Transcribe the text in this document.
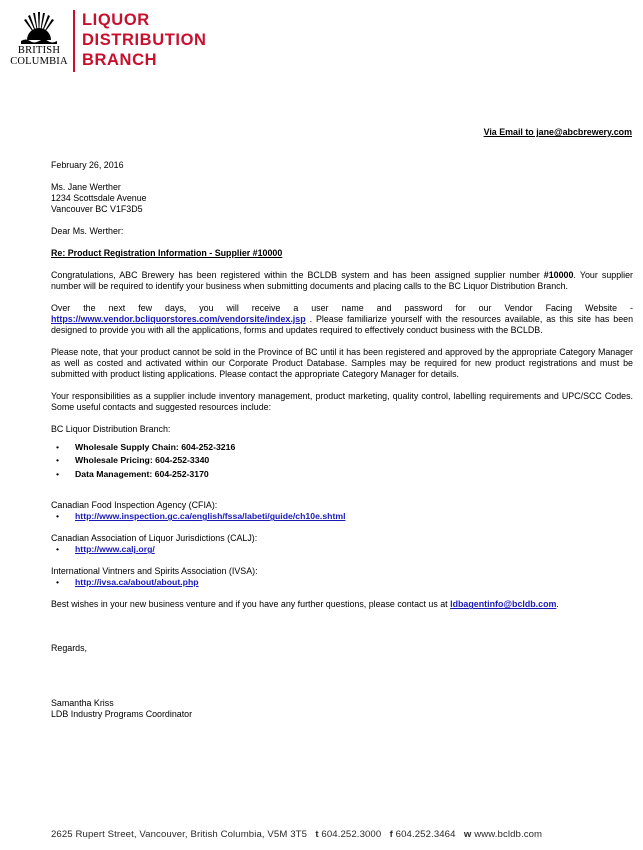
BRITISH
COLUMBIA
LIQUOR
DISTRIBUTION
BRANCH
Via Email to jane@abcbrewery.com

February 26, 2016

Ms. Jane Werther

1234 Scottsdale Avenue

Vancouver BC V1F3D5

Dear Ms. Werther:

Re: Product Registration Information - Supplier #10000

Congratulations, ABC Brewery has been registered within the BCLDB system and has been assigned supplier number #10000. Your supplier number will be required to identify your business when submitting documents and placing calls to the BC Liquor Distribution Branch.

Over the next few days, you will receive a user name and password for our Vendor Facing Website - https://www.vendor.bcliquorstores.com/vendorsite/index.jsp . Please familiarize yourself with the resources available, as this site has been designed to provide you with all the applications, forms and updates required to effectively conduct business with the BCLDB.

Please note, that your product cannot be sold in the Province of BC until it has been registered and approved by the appropriate Category Manager as well as costed and activated within our Corporate Product Database. Samples may be required for new product registrations and must be submitted with product listing applications. Please contact the appropriate Category Manager for details.

Your responsibilities as a supplier include inventory management, product marketing, quality control, labelling requirements and UPC/SCC Codes. Some useful contacts and suggested resources include:

BC Liquor Distribution Branch:

• Wholesale Supply Chain: 604-252-3216
• Wholesale Pricing: 604-252-3340
• Data Management: 604-252-3170

Canadian Food Inspection Agency (CFIA):

• http://www.inspection.gc.ca/english/fssa/labeti/guide/ch10e.shtml

Canadian Association of Liquor Jurisdictions (CALJ):

• http://www.calj.org/

International Vintners and Spirits Association (IVSA):

• http://ivsa.ca/about/about.php

Best wishes in your new business venture and if you have any further questions, please contact us at ldbagentinfo@bcldb.com.

Regards,

Samantha Kriss

LDB Industry Programs Coordinator

2625 Rupert Street, Vancouver, British Columbia, V5M 3T5 t 604.252.3000 f 604.252.3464 w www.bcldb.com
